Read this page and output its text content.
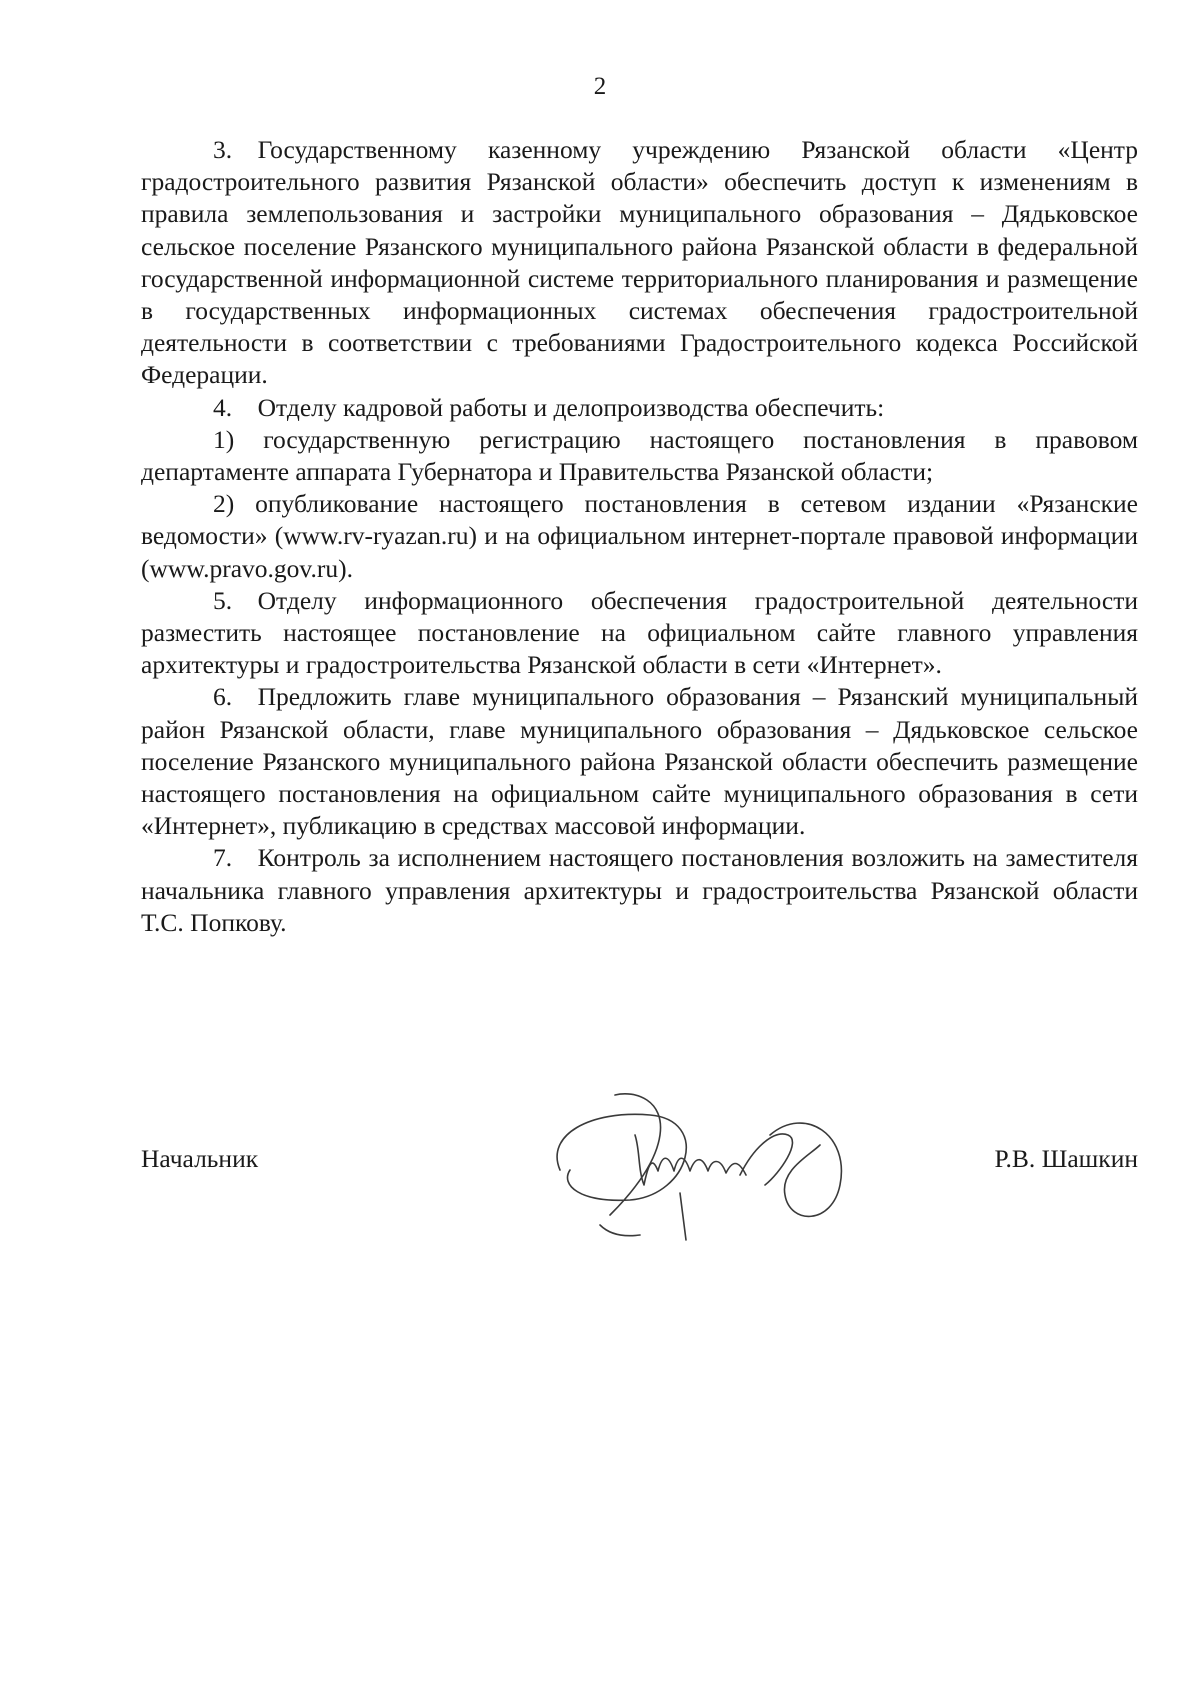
2

3. Государственному казенному учреждению Рязанской области «Центр градостроительного развития Рязанской области» обеспечить доступ к изменениям в правила землепользования и застройки муниципального образования – Дядьковское сельское поселение Рязанского муниципального района Рязанской области в федеральной государственной информационной системе территориального планирования и размещение в государственных информационных системах обеспечения градостроительной деятельности в соответствии с требованиями Градостроительного кодекса Российской Федерации.

4. Отделу кадровой работы и делопроизводства обеспечить:

1) государственную регистрацию настоящего постановления в правовом департаменте аппарата Губернатора и Правительства Рязанской области;

2) опубликование настоящего постановления в сетевом издании «Рязанские ведомости» (www.rv-ryazan.ru) и на официальном интернет-портале правовой информации (www.pravo.gov.ru).

5. Отделу информационного обеспечения градостроительной деятельности разместить настоящее постановление на официальном сайте главного управления архитектуры и градостроительства Рязанской области в сети «Интернет».

6. Предложить главе муниципального образования – Рязанский муниципальный район Рязанской области, главе муниципального образования – Дядьковское сельское поселение Рязанского муниципального района Рязанской области обеспечить размещение настоящего постановления на официальном сайте муниципального образования в сети «Интернет», публикацию в средствах массовой информации.

7. Контроль за исполнением настоящего постановления возложить на заместителя начальника главного управления архитектуры и градостроительства Рязанской области Т.С. Попкову.

Начальник	Р.В. Шашкин
